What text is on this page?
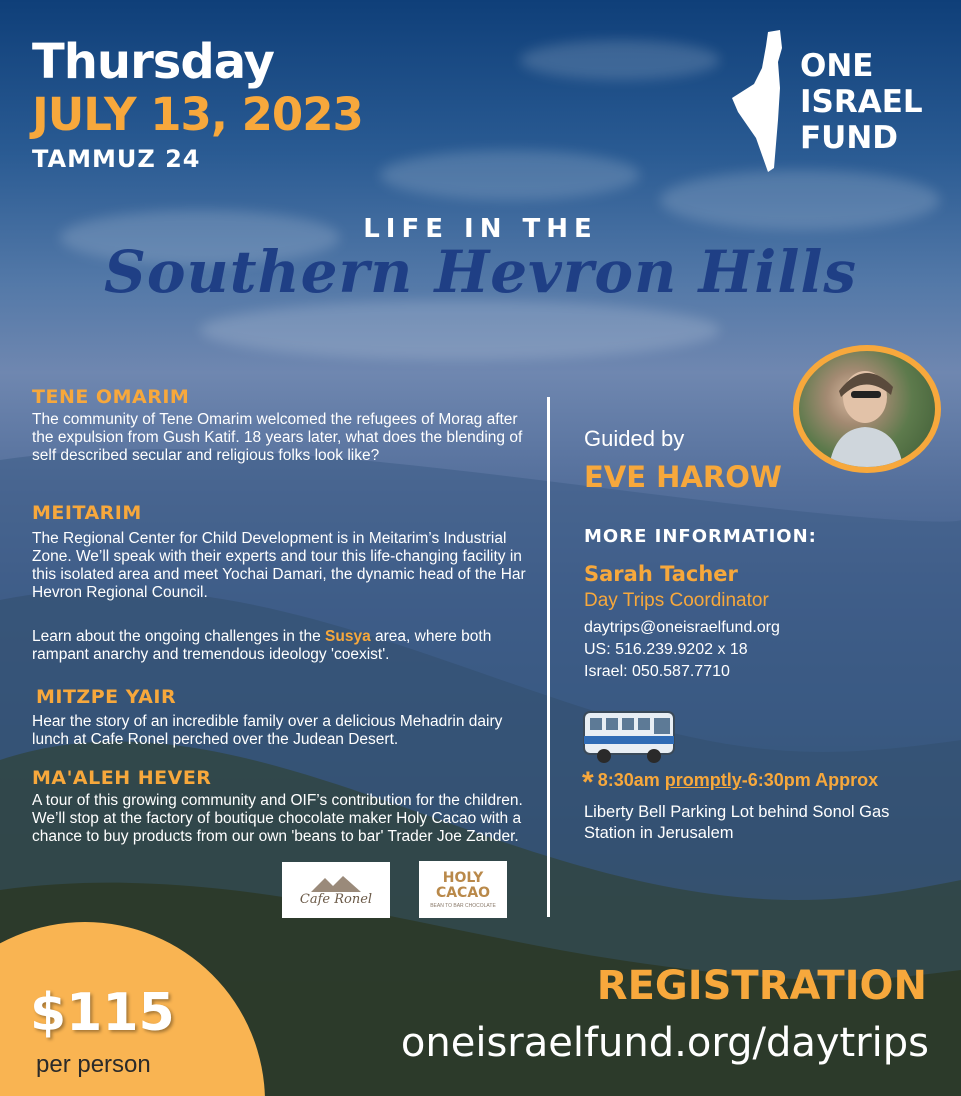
Thursday
JULY 13, 2023
TAMMUZ 24
ONE
ISRAEL
FUND
LIFE IN THE
Southern Hevron Hills
TENE OMARIM
The community of Tene Omarim welcomed the refugees of Morag after the expulsion from Gush Katif. 18 years later, what does the blending of self described secular and religious folks look like?
MEITARIM
The Regional Center for Child Development is in Meitarim’s Industrial Zone. We’ll speak with their experts and tour this life-changing facility in this isolated area and meet Yochai Damari, the dynamic head of the Har Hevron Regional Council.
Learn about the ongoing challenges in the Susya area, where both rampant anarchy and tremendous ideology 'coexist'.
MITZPE YAIR
Hear the story of an incredible family over a delicious Mehadrin dairy lunch at Cafe Ronel perched over the Judean Desert.
MA'ALEH HEVER
A tour of this growing community and OIF’s contribution for the children. We’ll stop at the factory of boutique chocolate maker Holy Cacao with a chance to buy products from our own 'beans to bar' Trader Joe Zander.
Cafe Ronel
HOLY
CACAO
BEAN TO BAR CHOCOLATE
Guided by
EVE HAROW
MORE INFORMATION:
Sarah Tacher
Day Trips Coordinator
daytrips@oneisraelfund.org
US: 516.239.9202 x 18
Israel: 050.587.7710
* 8:30am promptly-6:30pm Approx
Liberty Bell Parking Lot behind Sonol Gas Station in Jerusalem
REGISTRATION
oneisraelfund.org/daytrips
$115
per person
